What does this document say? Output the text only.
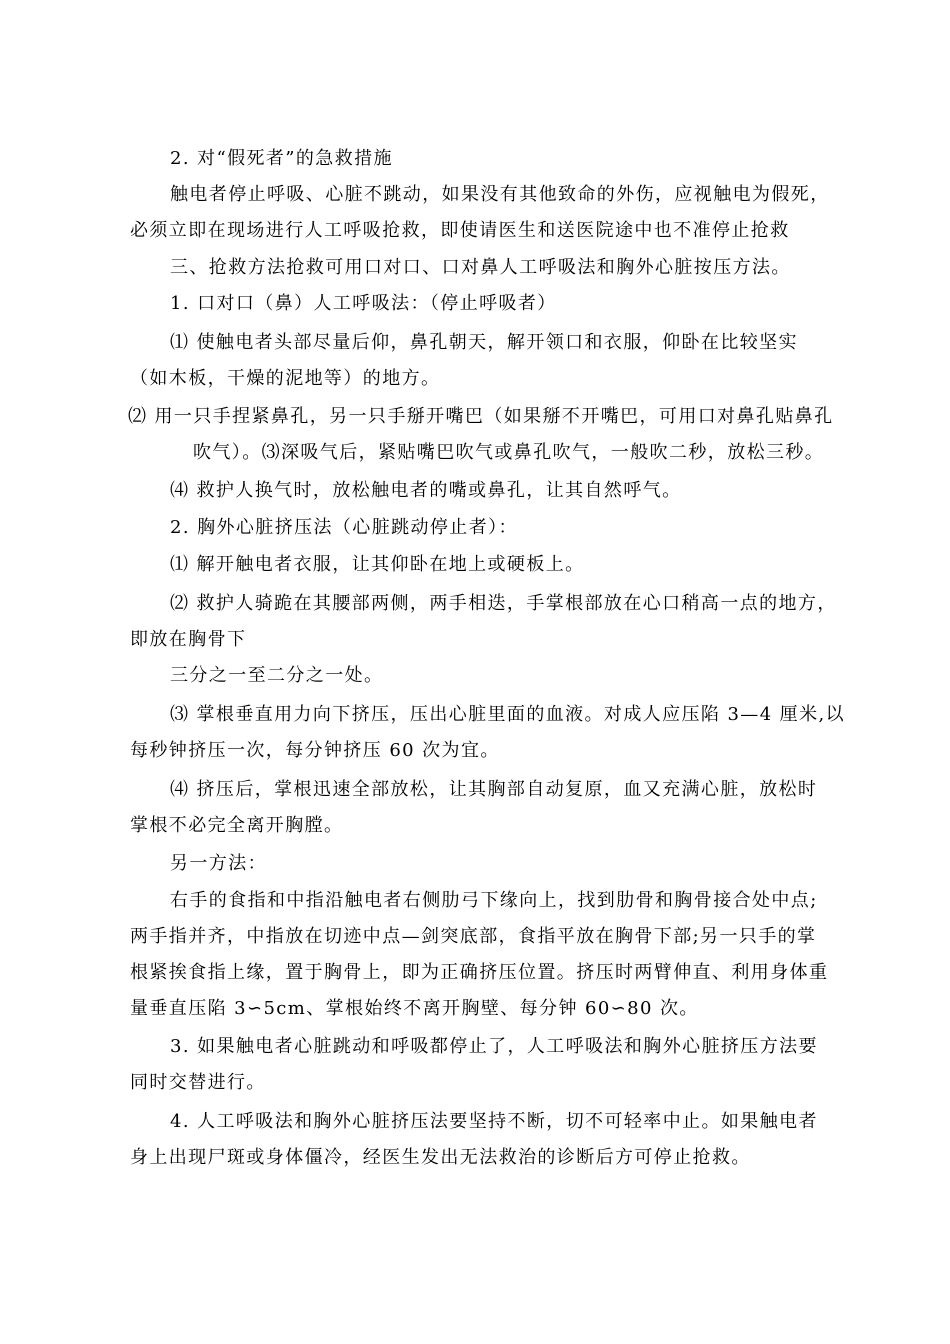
2. 对“假死者”的急救措施
触电者停止呼吸、心脏不跳动，如果没有其他致命的外伤，应视触电为假死，
必须立即在现场进行人工呼吸抢救，即使请医生和送医院途中也不准停止抢救
三、抢救方法抢救可用口对口、口对鼻人工呼吸法和胸外心脏按压方法。
1. 口对口（鼻）人工呼吸法：（停止呼吸者）
⑴ 使触电者头部尽量后仰，鼻孔朝天，解开领口和衣服，仰卧在比较坚实
（如木板，干燥的泥地等）的地方。
⑵ 用一只手捏紧鼻孔，另一只手掰开嘴巴（如果掰不开嘴巴，可用口对鼻孔贴鼻孔
吹气）。⑶深吸气后，紧贴嘴巴吹气或鼻孔吹气，一般吹二秒，放松三秒。
⑷ 救护人换气时，放松触电者的嘴或鼻孔，让其自然呼气。
2. 胸外心脏挤压法（心脏跳动停止者）：
⑴ 解开触电者衣服，让其仰卧在地上或硬板上。
⑵ 救护人骑跪在其腰部两侧，两手相迭，手掌根部放在心口稍高一点的地方，
即放在胸骨下
三分之一至二分之一处。
⑶ 掌根垂直用力向下挤压，压出心脏里面的血液。对成人应压陷 3—4 厘米,以
每秒钟挤压一次，每分钟挤压 60 次为宜。
⑷ 挤压后，掌根迅速全部放松，让其胸部自动复原，血又充满心脏，放松时
掌根不必完全离开胸膛。
另一方法：
右手的食指和中指沿触电者右侧肋弓下缘向上，找到肋骨和胸骨接合处中点;
两手指并齐，中指放在切迹中点—剑突底部，食指平放在胸骨下部;另一只手的掌
根紧挨食指上缘，置于胸骨上，即为正确挤压位置。挤压时两臂伸直、利用身体重
量垂直压陷 3∽5cm、掌根始终不离开胸壁、每分钟 60∽80 次。
3. 如果触电者心脏跳动和呼吸都停止了，人工呼吸法和胸外心脏挤压方法要
同时交替进行。
4. 人工呼吸法和胸外心脏挤压法要坚持不断，切不可轻率中止。如果触电者
身上出现尸斑或身体僵冷，经医生发出无法救治的诊断后方可停止抢救。
